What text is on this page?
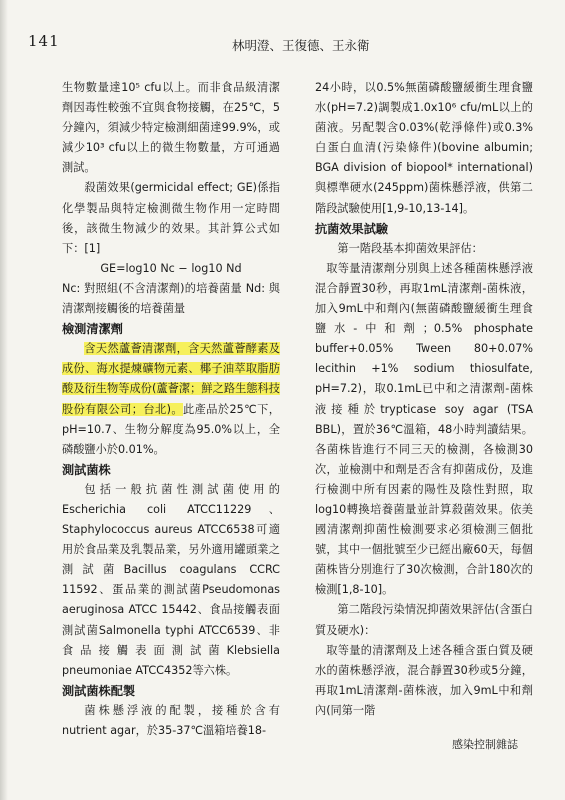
141	林明澄、王復德、王永衛

生物數量達10⁵ cfu以上。而非食品級清潔劑因毒性較強不宜與食物接觸，在25℃，5分鐘內，須減少特定檢測細菌達99.9%，或減少10³ cfu以上的微生物數量，方可通過測試。

殺菌效果(germicidal effect; GE)係指化學製品與特定檢測微生物作用一定時間後，該微生物減少的效果。其計算公式如下：[1]

GE=log10 Nc − log10 Nd

Nc: 對照組(不含清潔劑)的培養菌量 Nd: 與清潔劑接觸後的培養菌量

檢測清潔劑

含天然蘆薈清潔劑，含天然蘆薈酵素及成份、海水提煉礦物元素、椰子油萃取脂肪酸及衍生物等成份(蘆薈潔；鮮之路生態科技股份有限公司；台北)。此產品於25℃下，pH=10.7、生物分解度為95.0%以上，全磷酸鹽小於0.01%。

測試菌株

包括一般抗菌性測試菌使用的Escherichia coli ATCC11229、Staphylococcus aureus ATCC6538可適用於食品業及乳製品業，另外適用罐頭業之測試菌Bacillus coagulans CCRC 11592、蛋品業的測試菌Pseudomonas aeruginosa ATCC 15442、食品接觸表面測試菌Salmonella typhi ATCC6539、非食品接觸表面測試菌Klebsiella pneumoniae ATCC4352等六株。

測試菌株配製

菌株懸浮液的配製，接種於含有nutrient agar，於35-37℃溫箱培養18-

24小時，以0.5%無菌磷酸鹽緩衝生理食鹽水(pH=7.2)調製成1.0x10⁶ cfu/mL以上的菌液。另配製含0.03%(乾淨條件)或0.3%白蛋白血清(污染條件)(bovine albumin; BGA division of biopool* international)與標準硬水(245ppm)菌株懸浮液，供第二階段試驗使用[1,9-10,13-14]。

抗菌效果試驗

第一階段基本抑菌效果評估：

取等量清潔劑分別與上述各種菌株懸浮液混合靜置30秒，再取1mL清潔劑-菌株液，加入9mL中和劑內(無菌磷酸鹽緩衝生理食鹽水-中和劑；0.5% phosphate buffer+0.05% Tween 80+0.07% lecithin +1% sodium thiosulfate, pH=7.2)，取0.1mL已中和之清潔劑-菌株液接種於trypticase soy agar (TSA BBL)，置於36℃溫箱，48小時判讀結果。各菌株皆進行不同三天的檢測，各檢測30次，並檢測中和劑是否含有抑菌成份，及進行檢測中所有因素的陽性及陰性對照，取log10轉換培養菌量並計算殺菌效果。依美國清潔劑抑菌性檢測要求必須檢測三個批號，其中一個批號至少已經出廠60天，每個菌株皆分別進行了30次檢測，合計180次的檢測[1,8-10]。

第二階段污染情況抑菌效果評估(含蛋白質及硬水)：

取等量的清潔劑及上述各種含蛋白質及硬水的菌株懸浮液，混合靜置30秒或5分鐘，再取1mL清潔劑-菌株液，加入9mL中和劑內(同第一階

感染控制雜誌
